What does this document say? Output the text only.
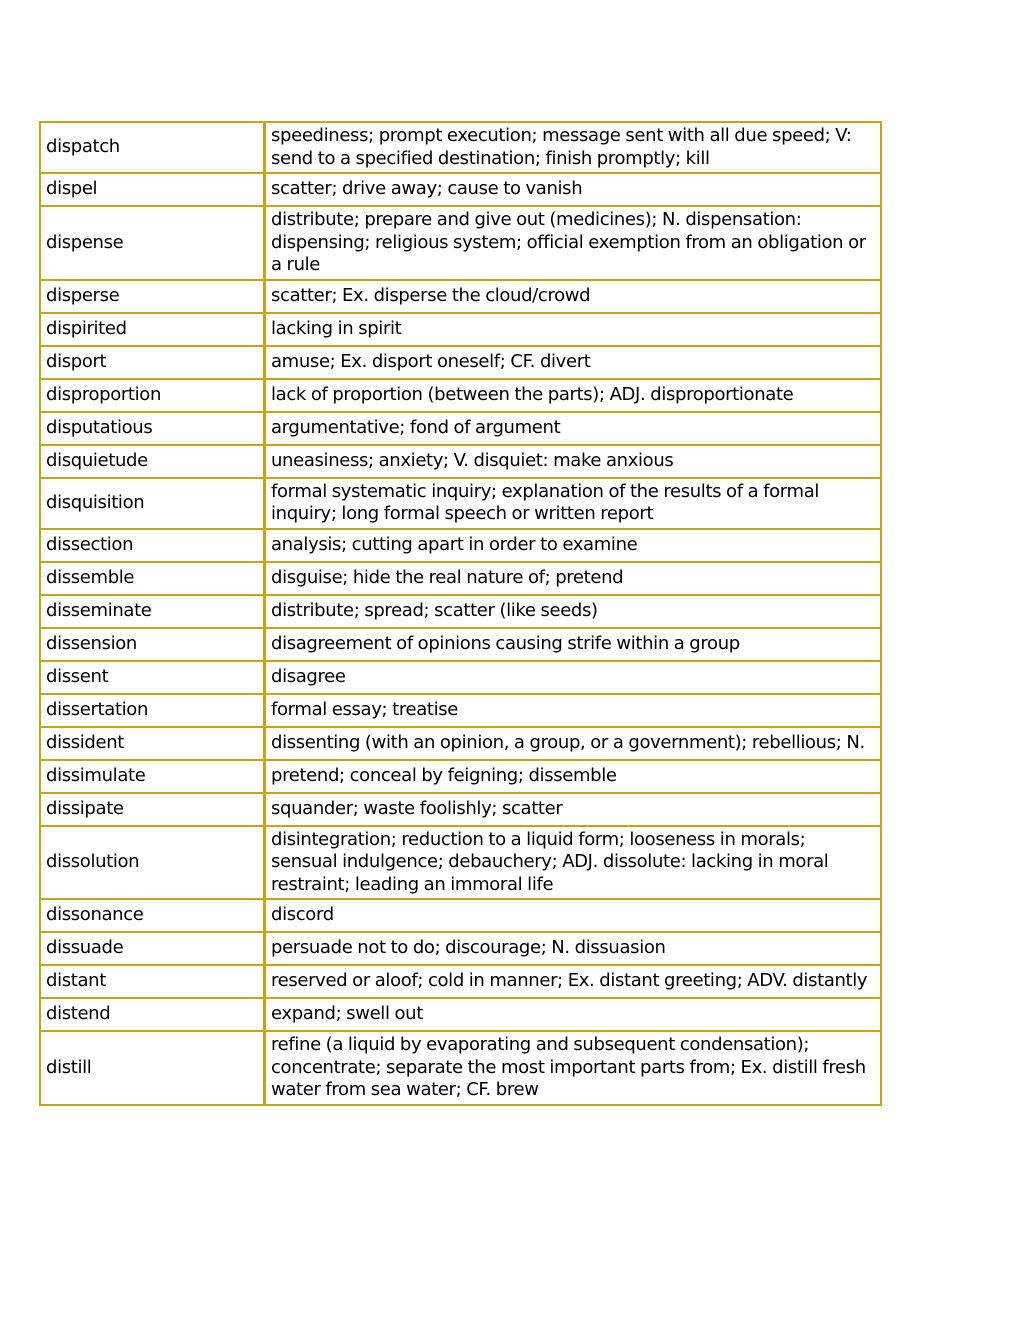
dispatch	speediness; prompt execution; message sent with all due speed; V: send to a specified destination; finish promptly; kill
dispel	scatter; drive away; cause to vanish
dispense	distribute; prepare and give out (medicines); N. dispensation: dispensing; religious system; official exemption from an obligation or a rule
disperse	scatter; Ex. disperse the cloud/crowd
dispirited	lacking in spirit
disport	amuse; Ex. disport oneself; CF. divert
disproportion	lack of proportion (between the parts); ADJ. disproportionate
disputatious	argumentative; fond of argument
disquietude	uneasiness; anxiety; V. disquiet: make anxious
disquisition	formal systematic inquiry; explanation of the results of a formal inquiry; long formal speech or written report
dissection	analysis; cutting apart in order to examine
dissemble	disguise; hide the real nature of; pretend
disseminate	distribute; spread; scatter (like seeds)
dissension	disagreement of opinions causing strife within a group
dissent	disagree
dissertation	formal essay; treatise
dissident	dissenting (with an opinion, a group, or a government); rebellious; N.
dissimulate	pretend; conceal by feigning; dissemble
dissipate	squander; waste foolishly; scatter
dissolution	disintegration; reduction to a liquid form; looseness in morals; sensual indulgence; debauchery; ADJ. dissolute: lacking in moral restraint; leading an immoral life
dissonance	discord
dissuade	persuade not to do; discourage; N. dissuasion
distant	reserved or aloof; cold in manner; Ex. distant greeting; ADV. distantly
distend	expand; swell out
distill	refine (a liquid by evaporating and subsequent condensation); concentrate; separate the most important parts from; Ex. distill fresh water from sea water; CF. brew
